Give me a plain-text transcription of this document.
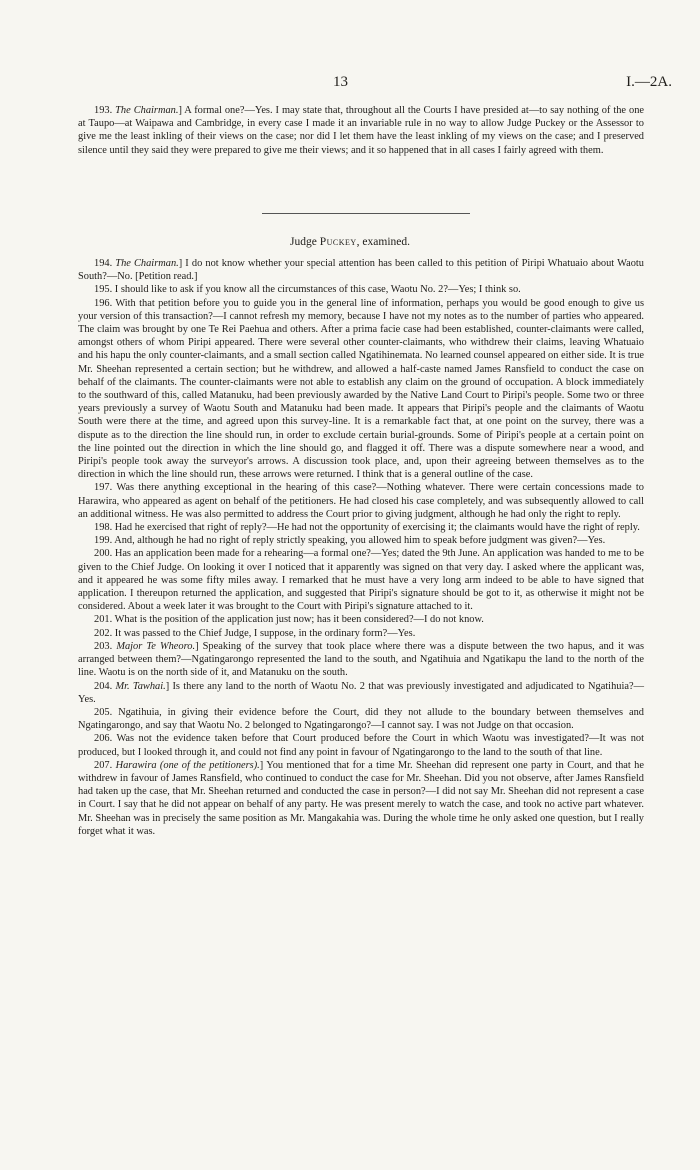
13	I.—2A.

193. The Chairman.] A formal one?—Yes. I may state that, throughout all the Courts I have presided at—to say nothing of the one at Taupo—at Waipawa and Cambridge, in every case I made it an invariable rule in no way to allow Judge Puckey or the Assessor to give me the least inkling of their views on the case; nor did I let them have the least inkling of my views on the case; and I preserved silence until they said they were prepared to give me their views; and it so happened that in all cases I fairly agreed with them.

Judge Puckey, examined.

194. The Chairman.] I do not know whether your special attention has been called to this petition of Piripi Whatuaio about Waotu South?—No. [Petition read.]

195. I should like to ask if you know all the circumstances of this case, Waotu No. 2?—Yes; I think so.

196. With that petition before you to guide you in the general line of information, perhaps you would be good enough to give us your version of this transaction?—I cannot refresh my memory, because I have not my notes as to the number of parties who appeared. The claim was brought by one Te Rei Paehua and others. After a prima facie case had been established, counter-claimants were called, amongst others of whom Piripi appeared. There were several other counter-claimants, who withdrew their claims, leaving Whatuaio and his hapu the only counter-claimants, and a small section called Ngatihinemata. No learned counsel appeared on either side. It is true Mr. Sheehan represented a certain section; but he withdrew, and allowed a half-caste named James Ransfield to conduct the case on behalf of the claimants. The counter-claimants were not able to establish any claim on the ground of occupation. A block immediately to the southward of this, called Matanuku, had been previously awarded by the Native Land Court to Piripi's people. Some two or three years previously a survey of Waotu South and Matanuku had been made. It appears that Piripi's people and the claimants of Waotu South were there at the time, and agreed upon this survey-line. It is a remarkable fact that, at one point on the survey, there was a dispute as to the direction the line should run, in order to exclude certain burial-grounds. Some of Piripi's people at a certain point on the line pointed out the direction in which the line should go, and flagged it off. There was a dispute somewhere near a wood, and Piripi's people took away the surveyor's arrows. A discussion took place, and, upon their agreeing between themselves as to the direction in which the line should run, these arrows were returned. I think that is a general outline of the case.

197. Was there anything exceptional in the hearing of this case?—Nothing whatever. There were certain concessions made to Harawira, who appeared as agent on behalf of the petitioners. He had closed his case completely, and was subsequently allowed to call an additional witness. He was also permitted to address the Court prior to giving judgment, although he had only the right to reply.

198. Had he exercised that right of reply?—He had not the opportunity of exercising it; the claimants would have the right of reply.

199. And, although he had no right of reply strictly speaking, you allowed him to speak before judgment was given?—Yes.

200. Has an application been made for a rehearing—a formal one?—Yes; dated the 9th June. An application was handed to me to be given to the Chief Judge. On looking it over I noticed that it apparently was signed on that very day. I asked where the applicant was, and it appeared he was some fifty miles away. I remarked that he must have a very long arm indeed to be able to have signed that application. I thereupon returned the application, and suggested that Piripi's signature should be got to it, as otherwise it might not be considered. About a week later it was brought to the Court with Piripi's signature attached to it.

201. What is the position of the application just now; has it been considered?—I do not know.

202. It was passed to the Chief Judge, I suppose, in the ordinary form?—Yes.

203. Major Te Wheoro.] Speaking of the survey that took place where there was a dispute between the two hapus, and it was arranged between them?—Ngatingarongo represented the land to the south, and Ngatihuia and Ngatikapu the land to the north of the line. Waotu is on the north side of it, and Matanuku on the south.

204. Mr. Tawhai.] Is there any land to the north of Waotu No. 2 that was previously investigated and adjudicated to Ngatihuia?—Yes.

205. Ngatihuia, in giving their evidence before the Court, did they not allude to the boundary between themselves and Ngatingarongo, and say that Waotu No. 2 belonged to Ngatingarongo?—I cannot say. I was not Judge on that occasion.

206. Was not the evidence taken before that Court produced before the Court in which Waotu was investigated?—It was not produced, but I looked through it, and could not find any point in favour of Ngatingarongo to the land to the south of that line.

207. Harawira (one of the petitioners).] You mentioned that for a time Mr. Sheehan did represent one party in Court, and that he withdrew in favour of James Ransfield, who continued to conduct the case for Mr. Sheehan. Did you not observe, after James Ransfield had taken up the case, that Mr. Sheehan returned and conducted the case in person?—I did not say Mr. Sheehan did not represent a case in Court. I say that he did not appear on behalf of any party. He was present merely to watch the case, and took no active part whatever. Mr. Sheehan was in precisely the same position as Mr. Mangakahia was. During the whole time he only asked one question, but I really forget what it was.
